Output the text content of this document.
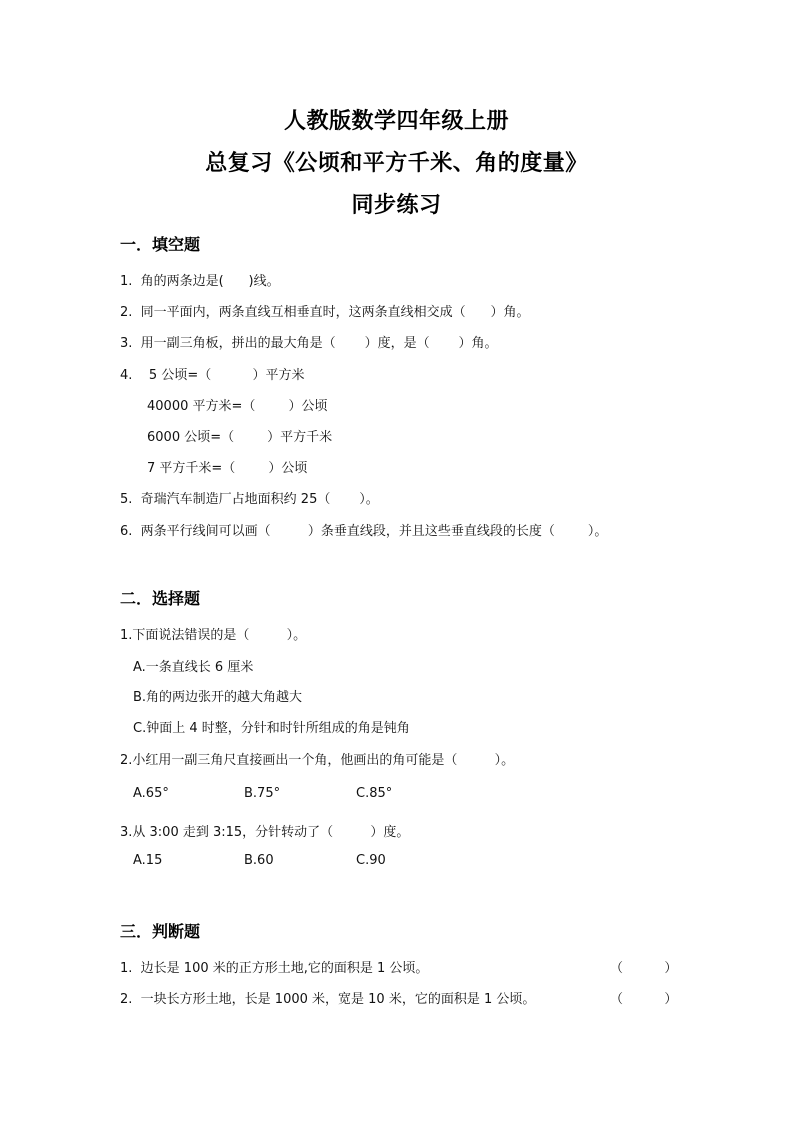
人教版数学四年级上册
总复习《公顷和平方千米、角的度量》
同步练习
一．填空题
1.  角的两条边是(      )线。
2.  同一平面内，两条直线互相垂直时，这两条直线相交成（      ）角。
3.  用一副三角板，拼出的最大角是（       ）度，是（       ）角。
4.    5 公顷=（          ）平方米
40000 平方米=（        ）公顷
6000 公顷=（        ）平方千米
7 平方千米=（        ）公顷
5.  奇瑞汽车制造厂占地面积约 25（       ）。
6.  两条平行线间可以画（         ）条垂直线段，并且这些垂直线段的长度（        ）。
二．选择题
1.下面说法错误的是（         ）。
A.一条直线长 6 厘米
B.角的两边张开的越大角越大
C.钟面上 4 时整，分针和时针所组成的角是钝角
2.小红用一副三角尺直接画出一个角，他画出的角可能是（         ）。
A.65°	B.75°	C.85°
3.从 3:00 走到 3:15，分针转动了（         ）度。
A.15	B.60	C.90
三．判断题
1.  边长是 100 米的正方形土地,它的面积是 1 公顷。	（          ）
2.  一块长方形土地，长是 1000 米，宽是 10 米，它的面积是 1 公顷。	（          ）
